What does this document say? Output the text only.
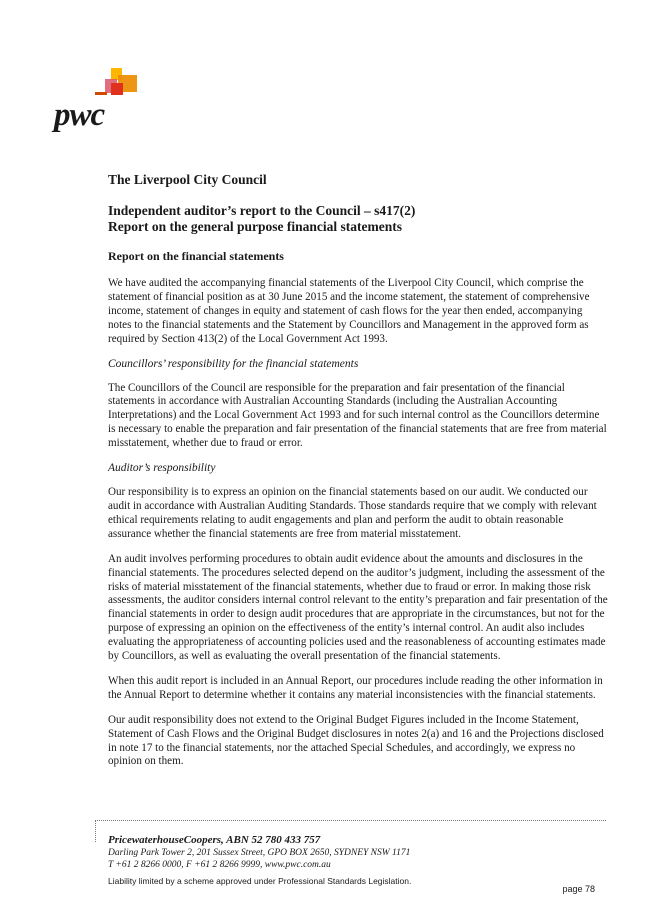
pwc
The Liverpool City Council
Independent auditor’s report to the Council – s417(2)
Report on the general purpose financial statements
Report on the financial statements

We have audited the accompanying financial statements of the Liverpool City Council, which comprise the statement of financial position as at 30 June 2015 and the income statement, the statement of comprehensive income, statement of changes in equity and statement of cash flows for the year then ended, accompanying notes to the financial statements and the Statement by Councillors and Management in the approved form as required by Section 413(2) of the Local Government Act 1993.

Councillors’ responsibility for the financial statements

The Councillors of the Council are responsible for the preparation and fair presentation of the financial statements in accordance with Australian Accounting Standards (including the Australian Accounting Interpretations) and the Local Government Act 1993 and for such internal control as the Councillors determine is necessary to enable the preparation and fair presentation of the financial statements that are free from material misstatement, whether due to fraud or error.

Auditor’s responsibility

Our responsibility is to express an opinion on the financial statements based on our audit. We conducted our audit in accordance with Australian Auditing Standards. Those standards require that we comply with relevant ethical requirements relating to audit engagements and plan and perform the audit to obtain reasonable assurance whether the financial statements are free from material misstatement.

An audit involves performing procedures to obtain audit evidence about the amounts and disclosures in the financial statements. The procedures selected depend on the auditor’s judgment, including the assessment of the risks of material misstatement of the financial statements, whether due to fraud or error. In making those risk assessments, the auditor considers internal control relevant to the entity’s preparation and fair presentation of the financial statements in order to design audit procedures that are appropriate in the circumstances, but not for the purpose of expressing an opinion on the effectiveness of the entity’s internal control. An audit also includes evaluating the appropriateness of accounting policies used and the reasonableness of accounting estimates made by Councillors, as well as evaluating the overall presentation of the financial statements.

When this audit report is included in an Annual Report, our procedures include reading the other information in the Annual Report to determine whether it contains any material inconsistencies with the financial statements.

Our audit responsibility does not extend to the Original Budget Figures included in the Income Statement, Statement of Cash Flows and the Original Budget disclosures in notes 2(a) and 16 and the Projections disclosed in note 17 to the financial statements, nor the attached Special Schedules, and accordingly, we express no opinion on them.

PricewaterhouseCoopers, ABN 52 780 433 757
Darling Park Tower 2, 201 Sussex Street, GPO BOX 2650, SYDNEY NSW 1171
T +61 2 8266 0000, F +61 2 8266 9999, www.pwc.com.au
Liability limited by a scheme approved under Professional Standards Legislation.
page 78
